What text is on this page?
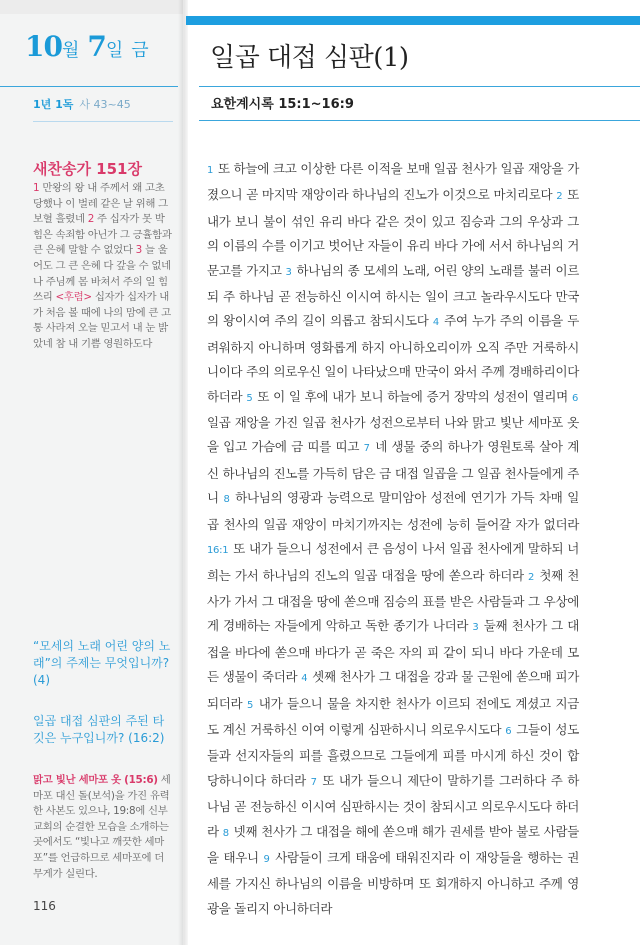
10월 7일 금
1년 1독 사 43~45
새찬송가 151장
1 만왕의 왕 내 주께서 왜 고초당했나 이 벌레 같은 날 위해 그 보혈 흘렸네 2 주 십자가 못 박힘은 속죄함 아닌가 그 긍휼함과 큰 은혜 말할 수 없었다 3 늘 울어도 그 큰 은혜 다 갚을 수 없네 나 주님께 몸 바쳐서 주의 일 힘쓰리 <후렴> 십자가 십자가 내가 처음 볼 때에 나의 맘에 큰 고통 사라져 오늘 믿고서 내 눈 밝았네 참 내 기쁨 영원하도다
“모세의 노래 어린 양의 노래”의 주제는 무엇입니까? (4)
일곱 대접 심판의 주된 타깃은 누구입니까? (16:2)
맑고 빛난 세마포 옷 (15:6) 세마포 대신 돌(보석)을 가진 유력한 사본도 있으나, 19:8에 신부 교회의 순결한 모습을 소개하는 곳에서도 “빛나고 깨끗한 세마포”를 언급하므로 세마포에 더 무게가 실린다.
116
일곱 대접 심판(1)
요한계시록 15:1~16:9
1 또 하늘에 크고 이상한 다른 이적을 보매 일곱 천사가 일곱 재앙을 가졌으니 곧 마지막 재앙이라 하나님의 진노가 이것으로 마치리로다 2 또 내가 보니 불이 섞인 유리 바다 같은 것이 있고 짐승과 그의 우상과 그의 이름의 수를 이기고 벗어난 자들이 유리 바다 가에 서서 하나님의 거문고를 가지고 3 하나님의 종 모세의 노래, 어린 양의 노래를 불러 이르되 주 하나님 곧 전능하신 이시여 하시는 일이 크고 놀라우시도다 만국의 왕이시여 주의 길이 의롭고 참되시도다 4 주여 누가 주의 이름을 두려워하지 아니하며 영화롭게 하지 아니하오리이까 오직 주만 거룩하시니이다 주의 의로우신 일이 나타났으매 만국이 와서 주께 경배하리이다 하더라 5 또 이 일 후에 내가 보니 하늘에 증거 장막의 성전이 열리며 6 일곱 재앙을 가진 일곱 천사가 성전으로부터 나와 맑고 빛난 세마포 옷을 입고 가슴에 금 띠를 띠고 7 네 생물 중의 하나가 영원토록 살아 계신 하나님의 진노를 가득히 담은 금 대접 일곱을 그 일곱 천사들에게 주니 8 하나님의 영광과 능력으로 말미암아 성전에 연기가 가득 차매 일곱 천사의 일곱 재앙이 마치기까지는 성전에 능히 들어갈 자가 없더라 16:1 또 내가 들으니 성전에서 큰 음성이 나서 일곱 천사에게 말하되 너희는 가서 하나님의 진노의 일곱 대접을 땅에 쏟으라 하더라 2 첫째 천사가 가서 그 대접을 땅에 쏟으매 짐승의 표를 받은 사람들과 그 우상에게 경배하는 자들에게 악하고 독한 종기가 나더라 3 둘째 천사가 그 대접을 바다에 쏟으매 바다가 곧 죽은 자의 피 같이 되니 바다 가운데 모든 생물이 죽더라 4 셋째 천사가 그 대접을 강과 물 근원에 쏟으매 피가 되더라 5 내가 들으니 물을 차지한 천사가 이르되 전에도 계셨고 지금도 계신 거룩하신 이여 이렇게 심판하시니 의로우시도다 6 그들이 성도들과 선지자들의 피를 흘렸으므로 그들에게 피를 마시게 하신 것이 합당하니이다 하더라 7 또 내가 들으니 제단이 말하기를 그러하다 주 하나님 곧 전능하신 이시여 심판하시는 것이 참되시고 의로우시도다 하더라 8 넷째 천사가 그 대접을 해에 쏟으매 해가 권세를 받아 불로 사람들을 태우니 9 사람들이 크게 태움에 태워진지라 이 재앙들을 행하는 권세를 가지신 하나님의 이름을 비방하며 또 회개하지 아니하고 주께 영광을 돌리지 아니하더라
